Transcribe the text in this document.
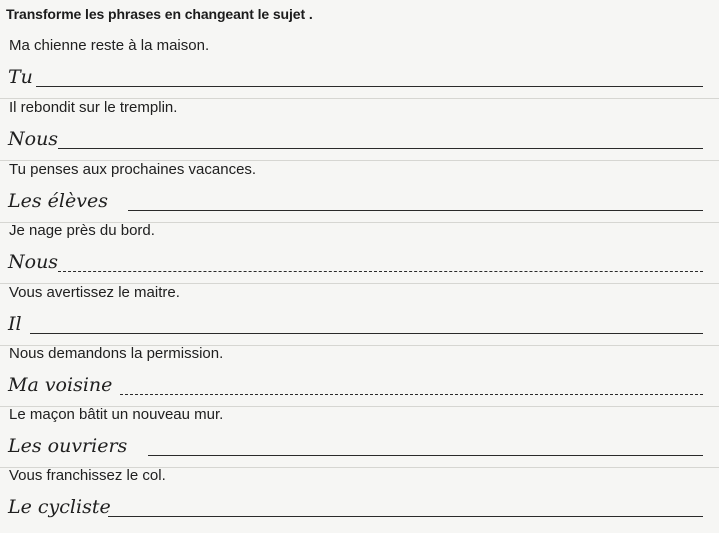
Transforme les phrases en changeant le sujet .
Ma chienne reste à la maison.
Tu
Il rebondit sur le tremplin.
Nous
Tu penses aux prochaines vacances.
Les élèves
Je nage près du bord.
Nous
Vous avertissez le maitre.
Il
Nous demandons la permission.
Ma voisine
Le maçon bâtit un nouveau mur.
Les ouvriers
Vous franchissez le col.
Le cycliste
